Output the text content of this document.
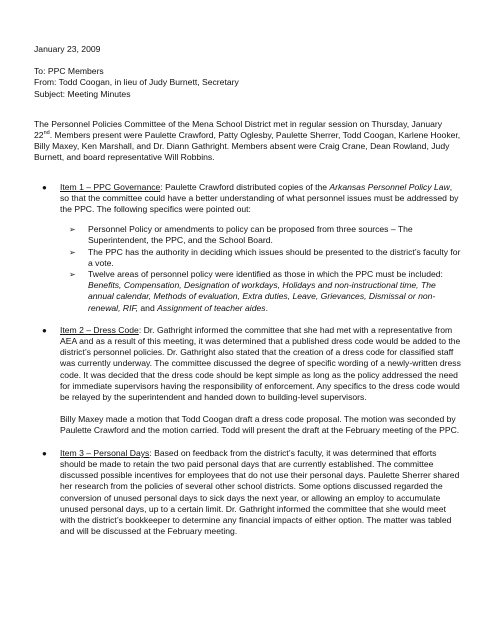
January 23, 2009

To: PPC Members

From: Todd Coogan, in lieu of Judy Burnett, Secretary

Subject: Meeting Minutes

The Personnel Policies Committee of the Mena School District met in regular session on Thursday, January 22nd. Members present were Paulette Crawford, Patty Oglesby, Paulette Sherrer, Todd Coogan, Karlene Hooker, Billy Maxey, Ken Marshall, and Dr. Diann Gathright. Members absent were Craig Crane, Dean Rowland, Judy Burnett, and board representative Will Robbins.

● Item 1 – PPC Governance: Paulette Crawford distributed copies of the Arkansas Personnel Policy Law, so that the committee could have a better understanding of what personnel issues must be addressed by the PPC. The following specifics were pointed out:

➢ Personnel Policy or amendments to policy can be proposed from three sources – The Superintendent, the PPC, and the School Board.
➢ The PPC has the authority in deciding which issues should be presented to the district’s faculty for a vote.
➢ Twelve areas of personnel policy were identified as those in which the PPC must be included: Benefits, Compensation, Designation of workdays, Holidays and non-instructional time, The annual calendar, Methods of evaluation, Extra duties, Leave, Grievances, Dismissal or non-renewal, RIF, and Assignment of teacher aides.
● Item 2 – Dress Code: Dr. Gathright informed the committee that she had met with a representative from AEA and as a result of this meeting, it was determined that a published dress code would be added to the district’s personnel policies. Dr. Gathright also stated that the creation of a dress code for classified staff was currently underway. The committee discussed the degree of specific wording of a newly-written dress code. It was decided that the dress code should be kept simple as long as the policy addressed the need for immediate supervisors having the responsibility of enforcement. Any specifics to the dress code would be relayed by the superintendent and handed down to building-level supervisors.

Billy Maxey made a motion that Todd Coogan draft a dress code proposal. The motion was seconded by Paulette Crawford and the motion carried. Todd will present the draft at the February meeting of the PPC.

● Item 3 – Personal Days: Based on feedback from the district’s faculty, it was determined that efforts should be made to retain the two paid personal days that are currently established. The committee discussed possible incentives for employees that do not use their personal days. Paulette Sherrer shared her research from the policies of several other school districts. Some options discussed regarded the conversion of unused personal days to sick days the next year, or allowing an employ to accumulate unused personal days, up to a certain limit. Dr. Gathright informed the committee that she would meet with the district’s bookkeeper to determine any financial impacts of either option. The matter was tabled and will be discussed at the February meeting.
